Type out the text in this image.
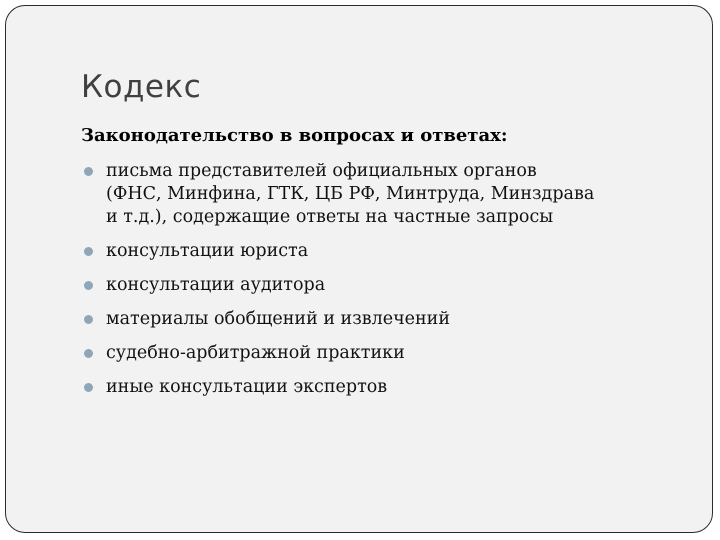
Кодекс
Законодательство в вопросах и ответах:
письма представителей официальных органов
(ФНС, Минфина, ГТК, ЦБ РФ, Минтруда, Минздрава
и т.д.), содержащие ответы на частные запросы
консультации юриста
консультации аудитора
материалы обобщений и извлечений
судебно-арбитражной практики
иные консультации экспертов
